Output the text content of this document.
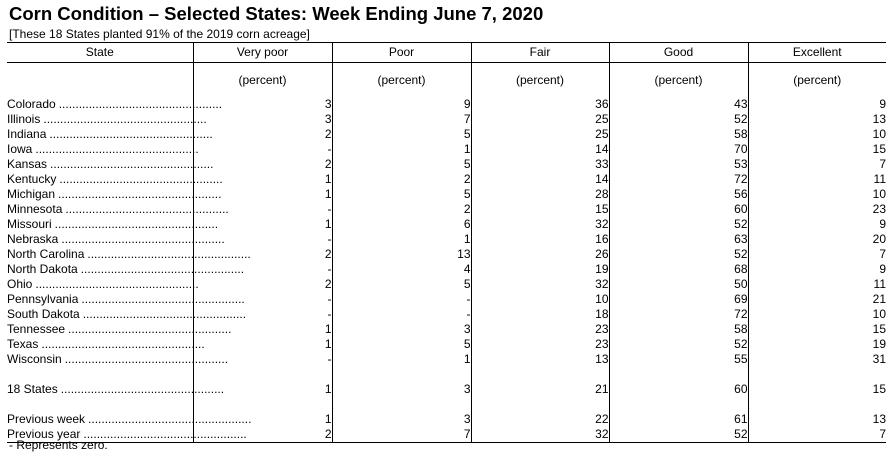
Corn Condition – Selected States: Week Ending June 7, 2020
[These 18 States planted 91% of the 2019 corn acreage]
State	Very poor	Poor	Fair	Good	Excellent
	(percent)	(percent)	(percent)	(percent)	(percent)
Colorado .................................................	3	9	36	43	9
Illinois .................................................	3	7	25	52	13
Indiana .................................................	2	5	25	58	10
Iowa .................................................	-	1	14	70	15
Kansas .................................................	2	5	33	53	7
Kentucky .................................................	1	2	14	72	11
Michigan .................................................	1	5	28	56	10
Minnesota .................................................	-	2	15	60	23
Missouri .................................................	1	6	32	52	9
Nebraska .................................................	-	1	16	63	20
North Carolina .................................................	2	13	26	52	7
North Dakota .................................................	-	4	19	68	9
Ohio .................................................	2	5	32	50	11
Pennsylvania .................................................	-	-	10	69	21
South Dakota .................................................	-	-	18	72	10
Tennessee .................................................	1	3	23	58	15
Texas .................................................	1	5	23	52	19
Wisconsin .................................................	-	1	13	55	31

18 States .................................................	1	3	21	60	15

Previous week .................................................	1	3	22	61	13
Previous year .................................................	2	7	32	52	7
- Represents zero.
